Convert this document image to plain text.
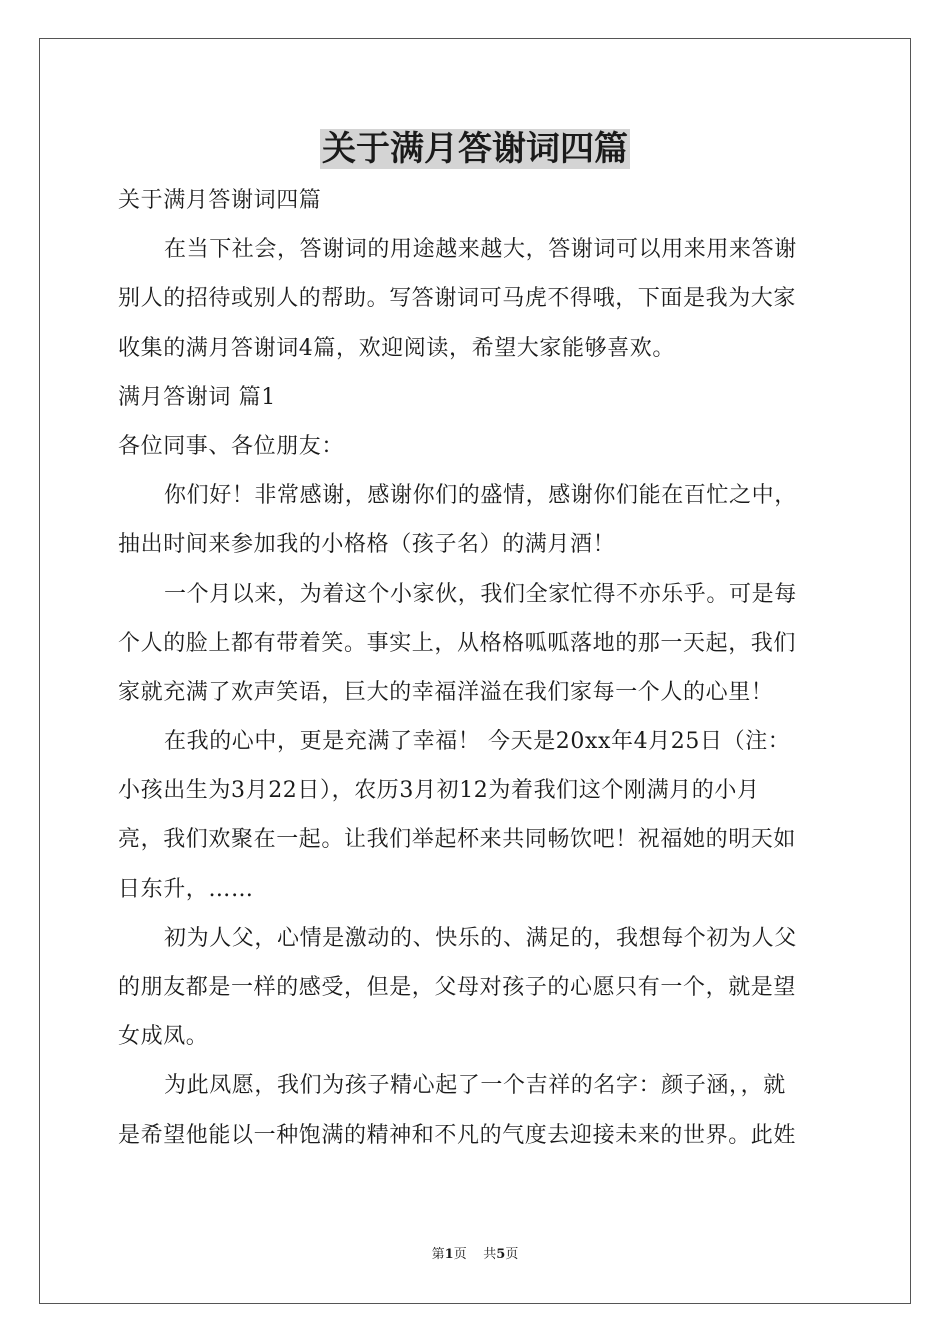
关于满月答谢词四篇
关于满月答谢词四篇
在当下社会，答谢词的用途越来越大，答谢词可以用来用来答谢
别人的招待或别人的帮助。写答谢词可马虎不得哦，下面是我为大家
收集的满月答谢词4篇，欢迎阅读，希望大家能够喜欢。
满月答谢词 篇1
各位同事、各位朋友：
你们好！非常感谢，感谢你们的盛情，感谢你们能在百忙之中，
抽出时间来参加我的小格格（孩子名）的满月酒！
一个月以来，为着这个小家伙，我们全家忙得不亦乐乎。可是每
个人的脸上都有带着笑。事实上，从格格呱呱落地的那一天起，我们
家就充满了欢声笑语，巨大的幸福洋溢在我们家每一个人的心里！
在我的心中，更是充满了幸福！ 今天是20xx年4月25日（注：
小孩出生为3月22日），农历3月初12为着我们这个刚满月的小月
亮，我们欢聚在一起。让我们举起杯来共同畅饮吧！祝福她的明天如
日东升，……
初为人父，心情是激动的、快乐的、满足的，我想每个初为人父
的朋友都是一样的感受，但是，父母对孩子的心愿只有一个，就是望
女成凤。
为此凤愿，我们为孩子精心起了一个吉祥的名字：颜子涵，，就
是希望他能以一种饱满的精神和不凡的气度去迎接未来的世界。此姓
第1页 共5页
